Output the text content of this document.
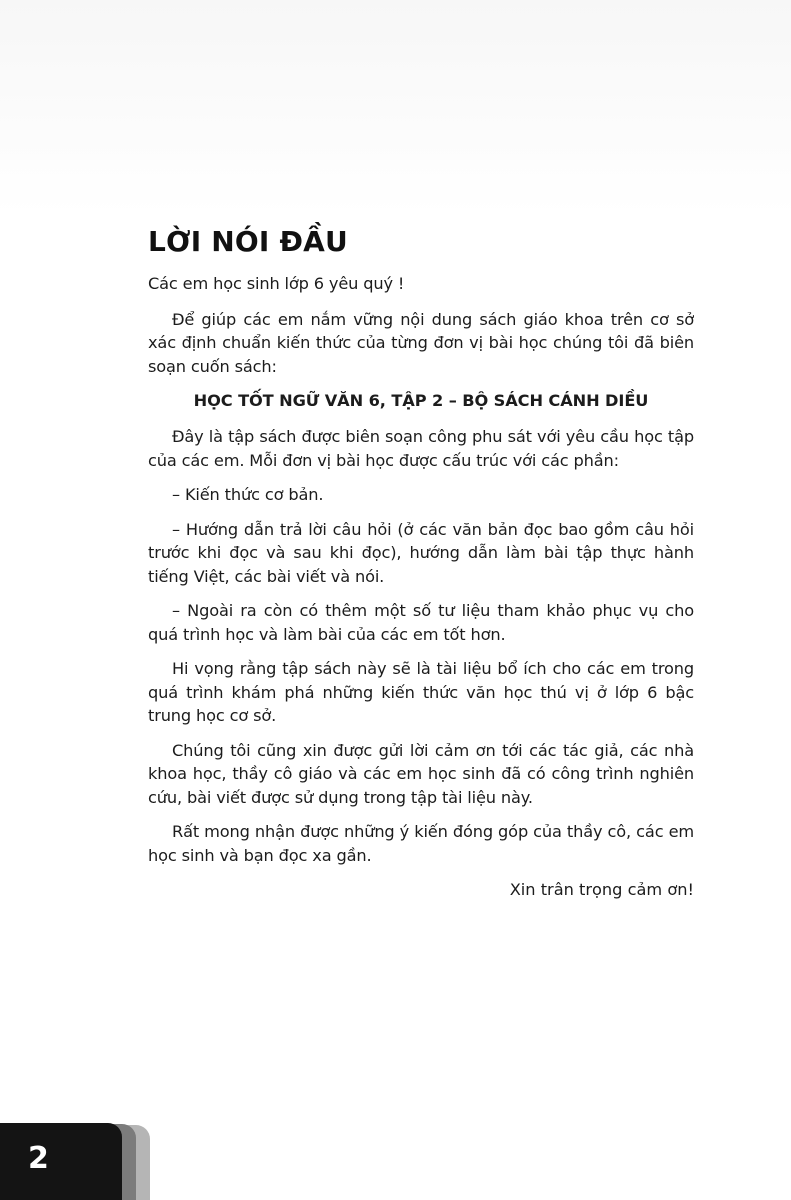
LỜI NÓI ĐẦU

Các em học sinh lớp 6 yêu quý !

Để giúp các em nắm vững nội dung sách giáo khoa trên cơ sở xác định chuẩn kiến thức của từng đơn vị bài học chúng tôi đã biên soạn cuốn sách:

HỌC TỐT NGỮ VĂN 6, TẬP 2 – BỘ SÁCH CÁNH DIỀU

Đây là tập sách được biên soạn công phu sát với yêu cầu học tập của các em. Mỗi đơn vị bài học được cấu trúc với các phần:

– Kiến thức cơ bản.

– Hướng dẫn trả lời câu hỏi (ở các văn bản đọc bao gồm câu hỏi trước khi đọc và sau khi đọc), hướng dẫn làm bài tập thực hành tiếng Việt, các bài viết và nói.

– Ngoài ra còn có thêm một số tư liệu tham khảo phục vụ cho quá trình học và làm bài của các em tốt hơn.

Hi vọng rằng tập sách này sẽ là tài liệu bổ ích cho các em trong quá trình khám phá những kiến thức văn học thú vị ở lớp 6 bậc trung học cơ sở.

Chúng tôi cũng xin được gửi lời cảm ơn tới các tác giả, các nhà khoa học, thầy cô giáo và các em học sinh đã có công trình nghiên cứu, bài viết được sử dụng trong tập tài liệu này.

Rất mong nhận được những ý kiến đóng góp của thầy cô, các em học sinh và bạn đọc xa gần.

Xin trân trọng cảm ơn!
2
